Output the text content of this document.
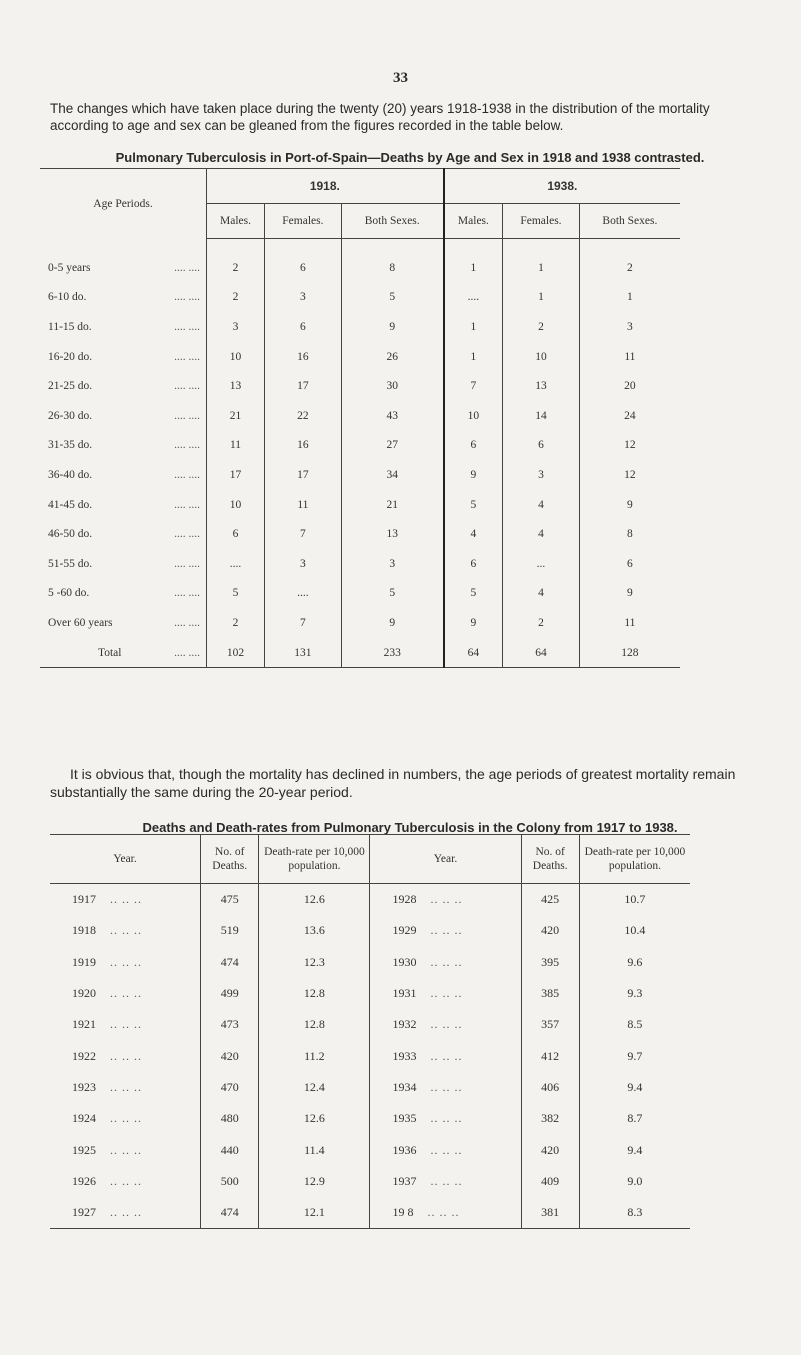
33
The changes which have taken place during the twenty (20) years 1918-1938 in the distribution of the mortality according to age and sex can be gleaned from the figures recorded in the table below.
Pulmonary Tuberculosis in Port-of-Spain—Deaths by Age and Sex in 1918 and 1938 contrasted.
Age Periods.	1918.			1938.		
	Males.	Females.	Both Sexes.	Males.	Females.	Both Sexes.

.... ....
0-5 years	2	6	8	1	1	2

.... ....
6-10 do.	2	3	5	....	1	1

.... ....
11-15 do.	3	6	9	1	2	3

.... ....
16-20 do.	10	16	26	1	10	11

.... ....
21-25 do.	13	17	30	7	13	20

.... ....
26-30 do.	21	22	43	10	14	24

.... ....
31-35 do.	11	16	27	6	6	12

.... ....
36-40 do.	17	17	34	9	3	12

.... ....
41-45 do.	10	11	21	5	4	9

.... ....
46-50 do.	6	7	13	4	4	8

.... ....
51-55 do.	....	3	3	6	...	6

.... ....
5 -60 do.	5	....	5	5	4	9

.... ....
Over 60 years	2	7	9	9	2	11

.... ....
Total	102	131	233	64	64	128
It is obvious that, though the mortality has declined in numbers, the age periods of greatest mortality remain substantially the same during the 20-year period.
Deaths and Death-rates from Pulmonary Tuberculosis in the Colony from 1917 to 1938.
Year.	No. of Deaths.	Death-rate per 10,000 population.	Year.	No. of Deaths.	Death-rate per 10,000 population.
1917 .. .. ..	475	12.6	1928 .. .. ..	425	10.7
1918 .. .. ..	519	13.6	1929 .. .. ..	420	10.4
1919 .. .. ..	474	12.3	1930 .. .. ..	395	9.6
1920 .. .. ..	499	12.8	1931 .. .. ..	385	9.3
1921 .. .. ..	473	12.8	1932 .. .. ..	357	8.5
1922 .. .. ..	420	11.2	1933 .. .. ..	412	9.7
1923 .. .. ..	470	12.4	1934 .. .. ..	406	9.4
1924 .. .. ..	480	12.6	1935 .. .. ..	382	8.7
1925 .. .. ..	440	11.4	1936 .. .. ..	420	9.4
1926 .. .. ..	500	12.9	1937 .. .. ..	409	9.0
1927 .. .. ..	474	12.1	19 8 .. .. ..	381	8.3
